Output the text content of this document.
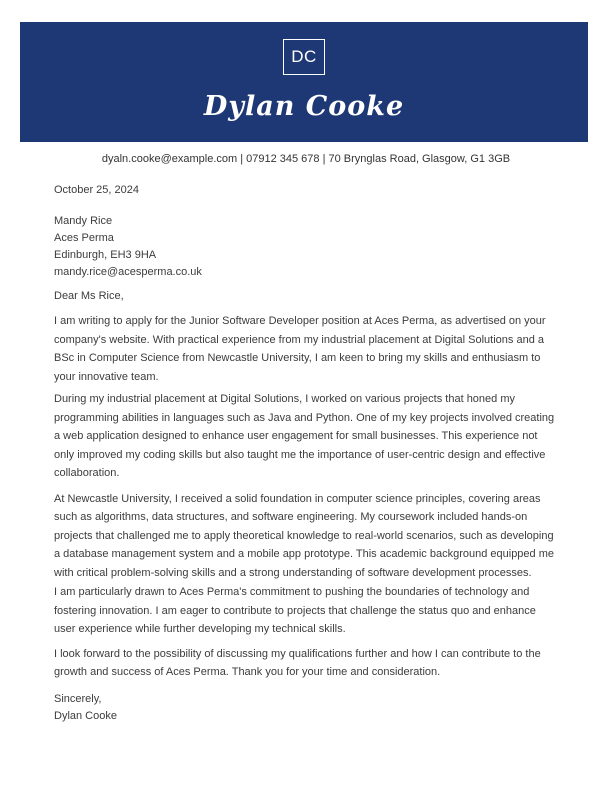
DC
Dylan Cooke
dyaln.cooke@example.com | 07912 345 678 | 70 Brynglas Road, Glasgow, G1 3GB
October 25, 2024
Mandy Rice
Aces Perma
Edinburgh, EH3 9HA
mandy.rice@acesperma.co.uk
Dear Ms Rice,

I am writing to apply for the Junior Software Developer position at Aces Perma, as advertised on your company's website. With practical experience from my industrial placement at Digital Solutions and a BSc in Computer Science from Newcastle University, I am keen to bring my skills and enthusiasm to your innovative team.

During my industrial placement at Digital Solutions, I worked on various projects that honed my programming abilities in languages such as Java and Python. One of my key projects involved creating a web application designed to enhance user engagement for small businesses. This experience not only improved my coding skills but also taught me the importance of user-centric design and effective collaboration.

At Newcastle University, I received a solid foundation in computer science principles, covering areas such as algorithms, data structures, and software engineering. My coursework included hands-on projects that challenged me to apply theoretical knowledge to real-world scenarios, such as developing a database management system and a mobile app prototype. This academic background equipped me with critical problem-solving skills and a strong understanding of software development processes.

I am particularly drawn to Aces Perma's commitment to pushing the boundaries of technology and fostering innovation. I am eager to contribute to projects that challenge the status quo and enhance user experience while further developing my technical skills.

I look forward to the possibility of discussing my qualifications further and how I can contribute to the growth and success of Aces Perma. Thank you for your time and consideration.

Sincerely,
Dylan Cooke
